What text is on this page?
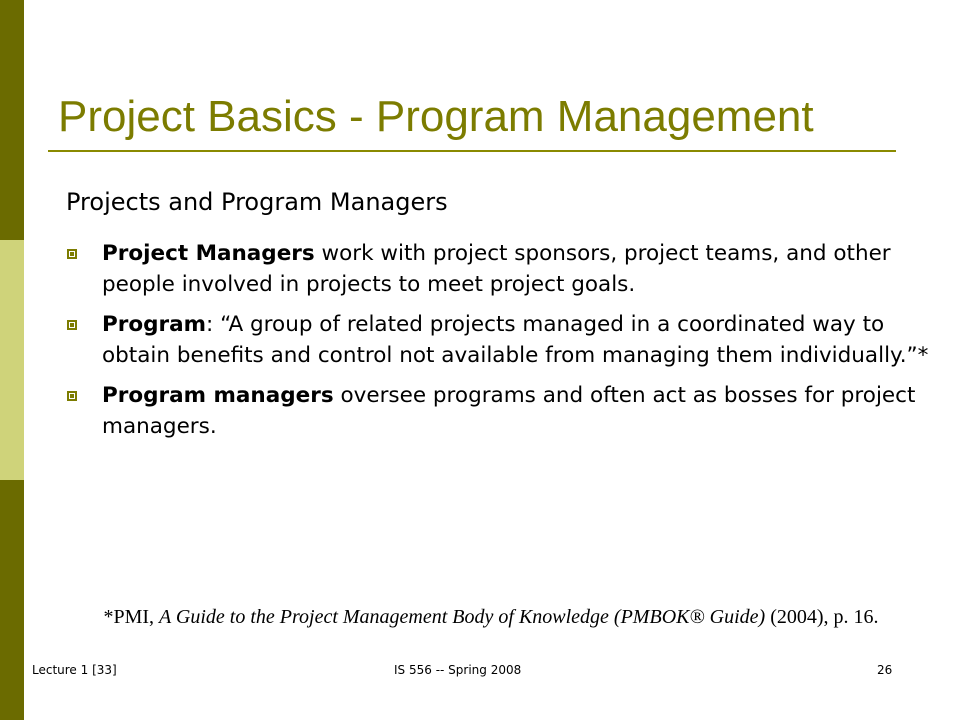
Project Basics - Program Management
Projects and Program Managers
Project Managers work with project sponsors, project teams, and other people involved in projects to meet project goals.
Program: “A group of related projects managed in a coordinated way to obtain benefits and control not available from managing them individually.”*
Program managers oversee programs and often act as bosses for project managers.
*PMI, A Guide to the Project Management Body of Knowledge (PMBOK® Guide) (2004), p. 16.
Lecture 1 [33]	IS 556 -- Spring 2008	26
